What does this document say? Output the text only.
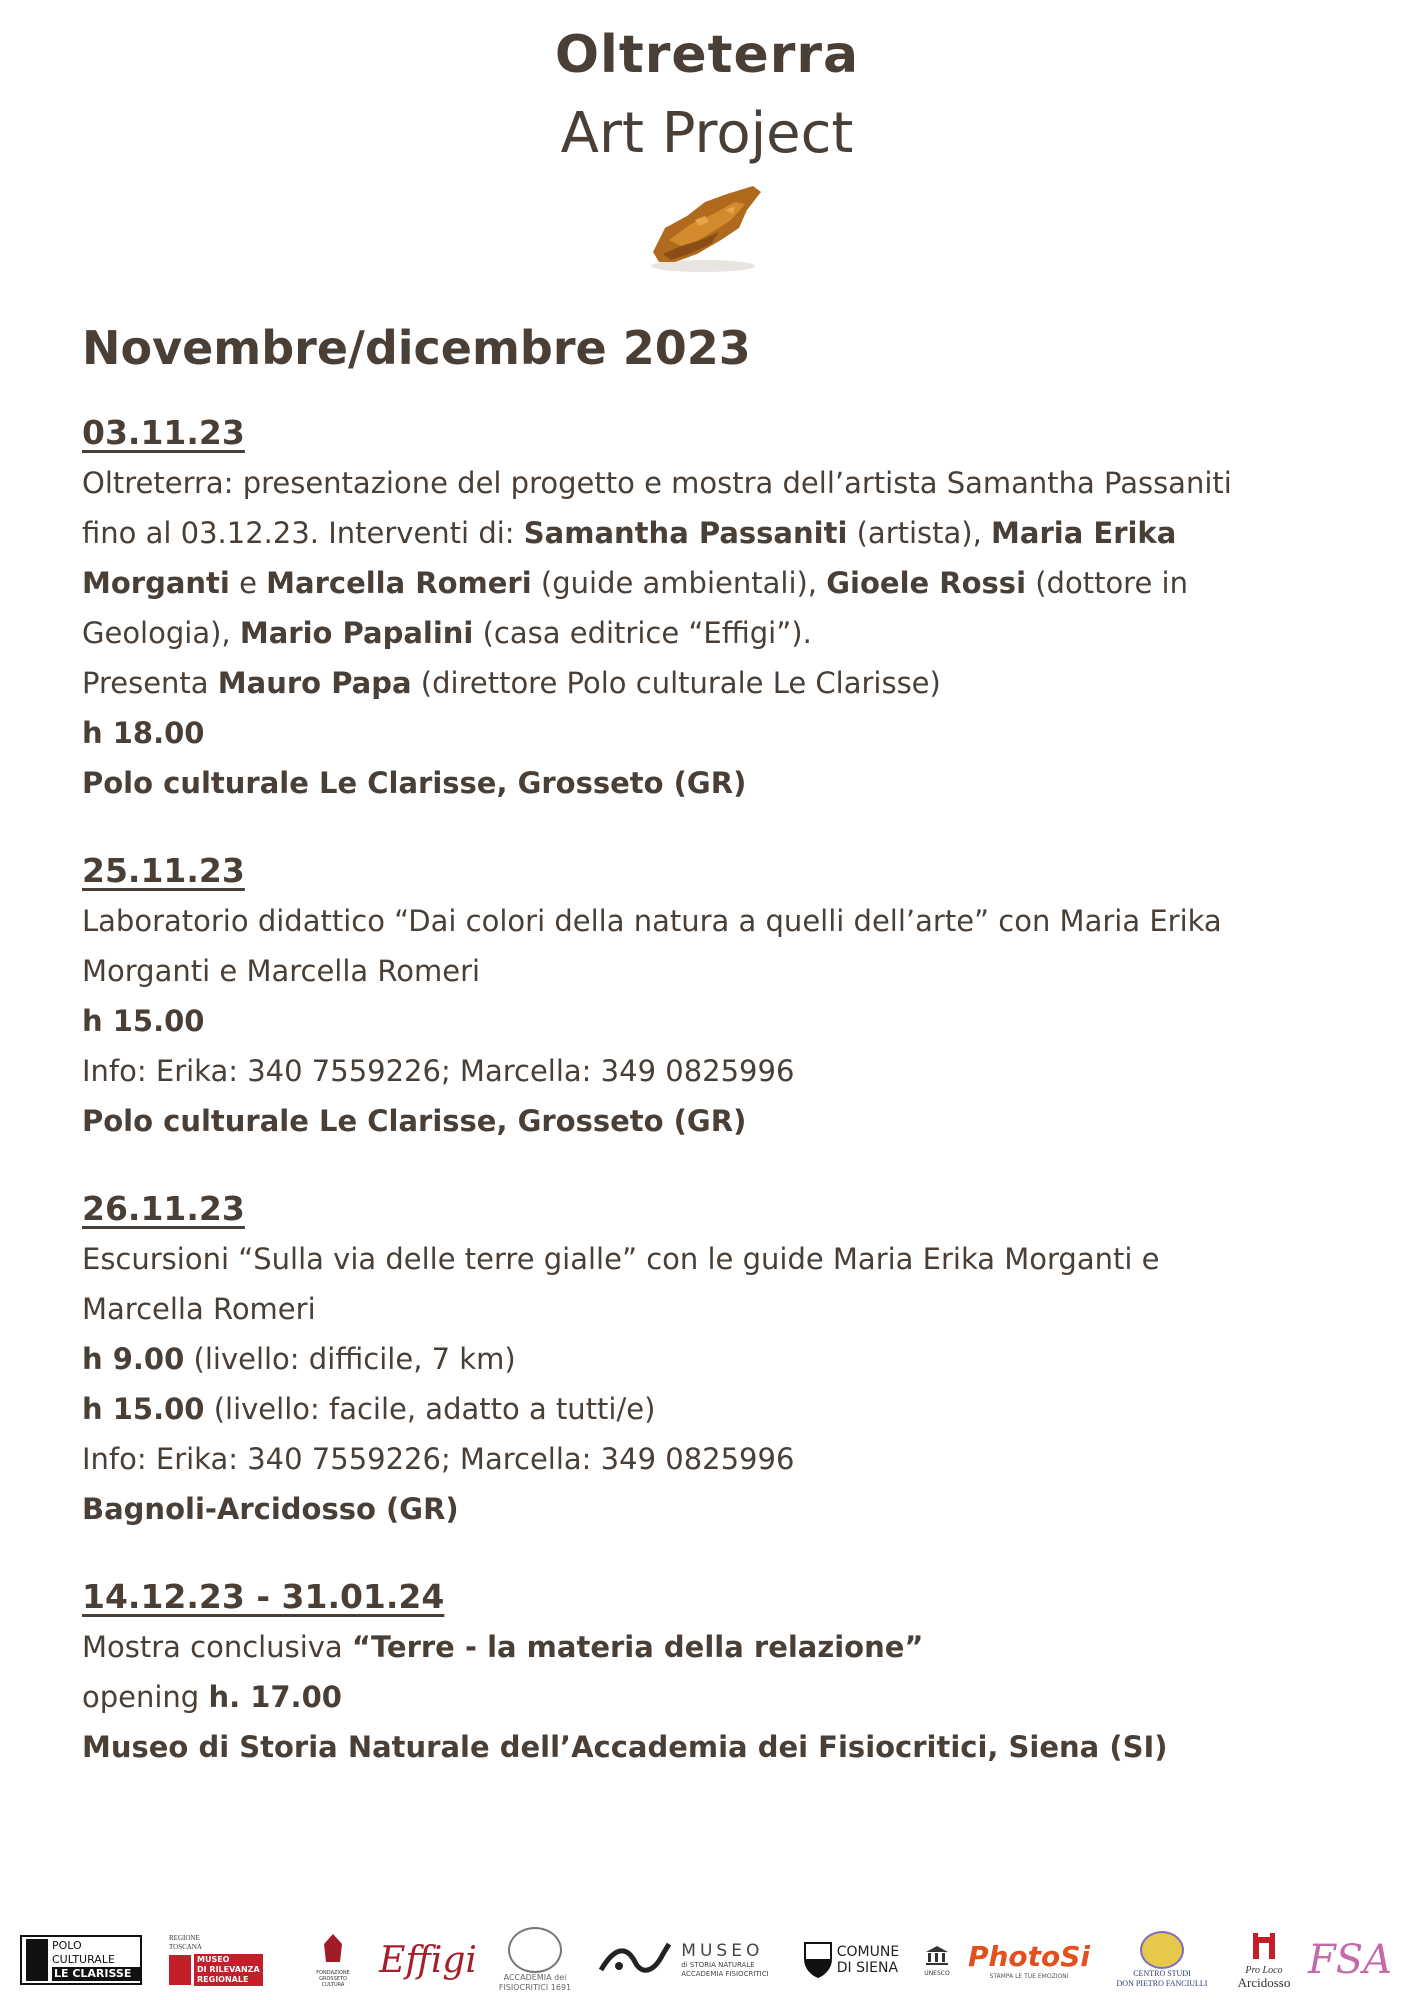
Oltreterra
Art Project
Novembre/dicembre 2023
03.11.23

Oltreterra: presentazione del progetto e mostra dell’artista Samantha Passaniti

fino al 03.12.23. Interventi di: Samantha Passaniti (artista), Maria Erika

Morganti e Marcella Romeri (guide ambientali), Gioele Rossi (dottore in

Geologia), Mario Papalini (casa editrice “Effigi”).

Presenta Mauro Papa (direttore Polo culturale Le Clarisse)

h 18.00

Polo culturale Le Clarisse, Grosseto (GR)

25.11.23

Laboratorio didattico “Dai colori della natura a quelli dell’arte” con Maria Erika

Morganti e Marcella Romeri

h 15.00

Info: Erika: 340 7559226; Marcella: 349 0825996

Polo culturale Le Clarisse, Grosseto (GR)

26.11.23

Escursioni “Sulla via delle terre gialle” con le guide Maria Erika Morganti e

Marcella Romeri

h 9.00 (livello: difficile, 7 km)

h 15.00 (livello: facile, adatto a tutti/e)

Info: Erika: 340 7559226; Marcella: 349 0825996

Bagnoli-Arcidosso (GR)

14.12.23 - 31.01.24

Mostra conclusiva “Terre - la materia della relazione”

opening h. 17.00

Museo di Storia Naturale dell’Accademia dei Fisiocritici, Siena (SI)

POLO CULTURALE
LE CLARISSE
REGIONE
TOSCANA
MUSEO
DI RILEVANZA
REGIONALE
FONDAZIONE GROSSETO CULTURA
Effigi	ACCADEMIA dei
FISIOCRITICI 1691
MUSEO
di STORIA NATURALE
ACCADEMIA FISIOCRITICI
COMUNE
DI SIENA	UNESCO
PhotoSi
STAMPA LE TUE EMOZIONI	CENTRO STUDI
DON PIETRO FANCIULLI
Pro Loco
Arcidosso FSA
